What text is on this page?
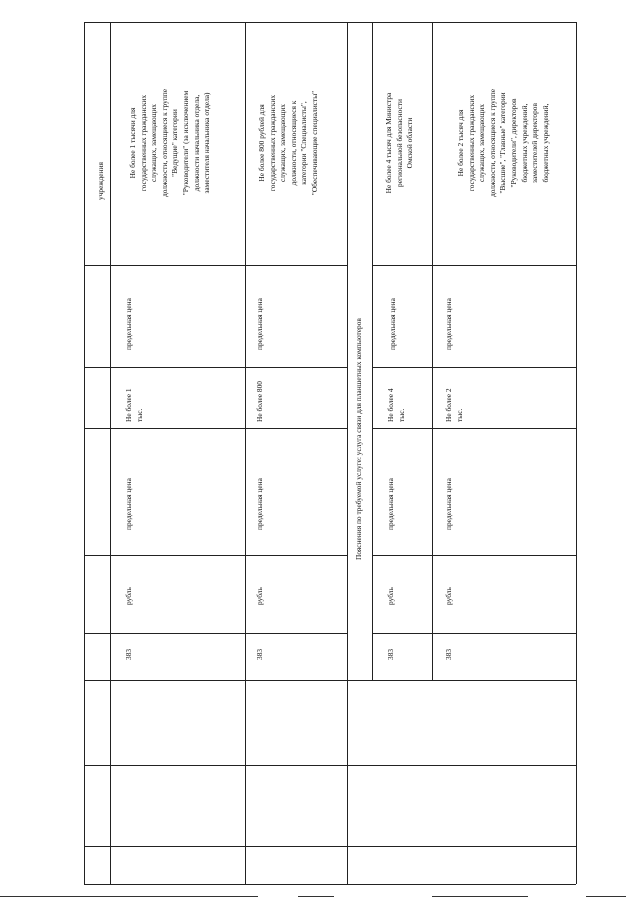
учреждения
Не более 1 тысячи для государственных гражданских служащих, замещающих должности, относящиеся к группе "Ведущие" категории "Руководители" (за исключением должности начальника отдела, заместителя начальника отдела)
предельная цена
Не более 1 тыс.
предельная цена
рубль
383
Не более 800 рублей для государственных гражданских служащих, замещающих должности, относящиеся к категории "Специалисты", "Обеспечивающие специалисты"
предельная цена
Не более 800
предельная цена
рубль
383
Пояснения по требуемой услуге: услуга связи для планшетных компьютеров
Не более 4 тысяч для Министра региональной безопасности Омской области
предельная цена
Не более 4 тыс.
предельная цена
рубль
383
Не более 2 тысяч для государственных гражданских служащих, замещающих должности, относящиеся к группе "Высшие", "Главные" категории "Руководители", директоров бюджетных учреждений, заместителей директоров бюджетных учреждений,
предельная цена
Не более 2 тыс.
предельная цена
рубль
383
